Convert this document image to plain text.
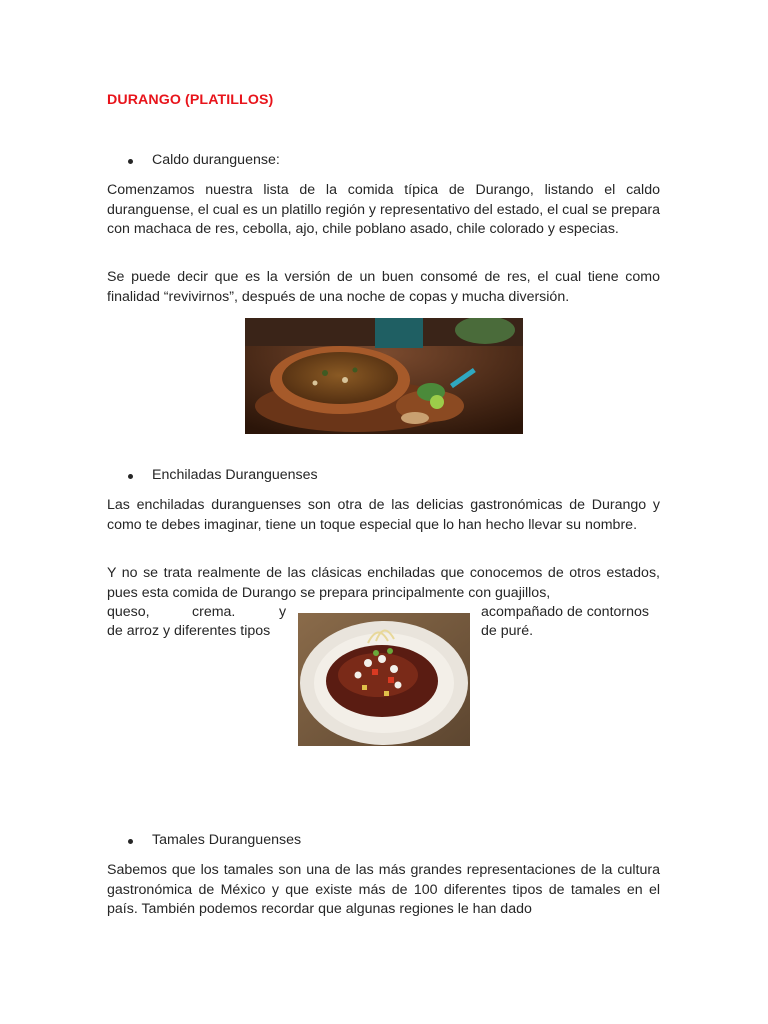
DURANGO (PLATILLOS)
Caldo duranguense:

Comenzamos nuestra lista de la comida típica de Durango, listando el caldo duranguense, el cual es un platillo región y representativo del estado, el cual se prepara con machaca de res, cebolla, ajo, chile poblano asado, chile colorado y especias.

Se puede decir que es la versión de un buen consomé de res, el cual tiene como finalidad “revivirnos”, después de una noche de copas y mucha diversión.

Enchiladas Duranguenses

Las enchiladas duranguenses son otra de las delicias gastronómicas de Durango y como te debes imaginar, tiene un toque especial que lo han hecho llevar su nombre.

Y no se trata realmente de las clásicas enchiladas que conocemos de otros estados, pues esta comida de Durango se prepara principalmente con guajillos,

queso,	crema.	y	acompañado de contornos
de arroz y diferentes tipos	de puré.
Tamales Duranguenses

Sabemos que los tamales son una de las más grandes representaciones de la cultura gastronómica de México y que existe más de 100 diferentes tipos de tamales en el país. También podemos recordar que algunas regiones le han dado
